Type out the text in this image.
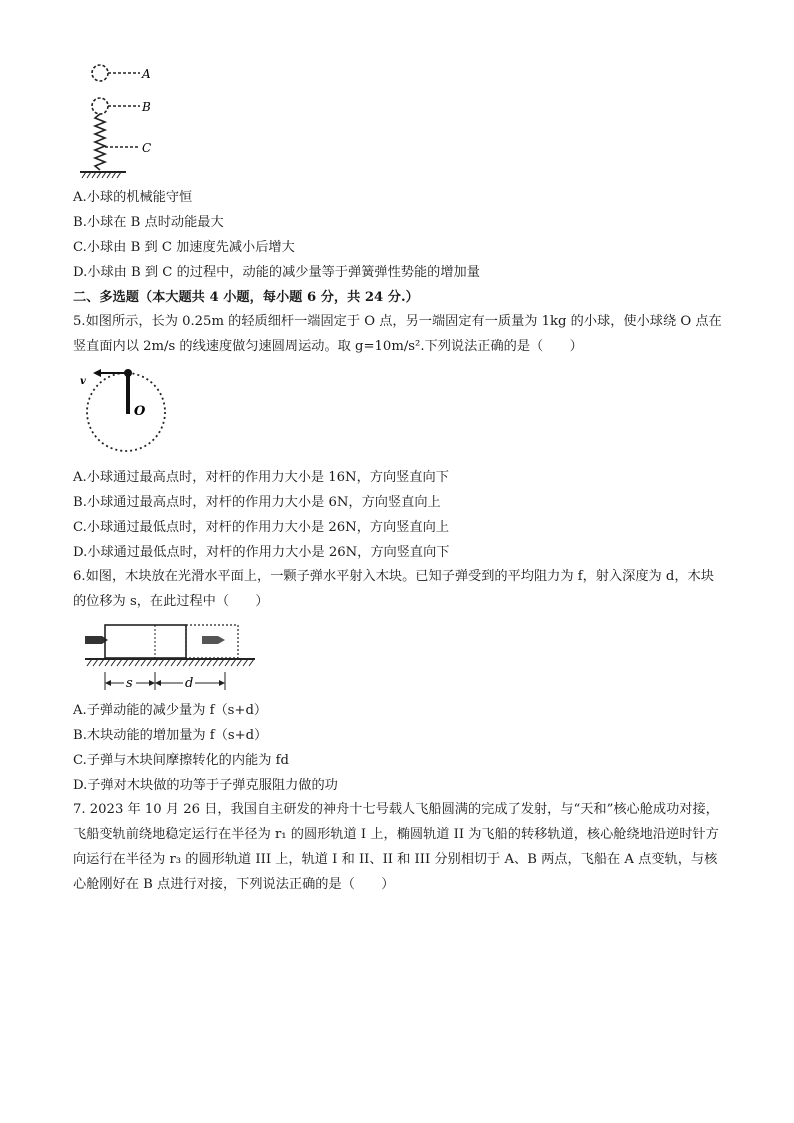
A
B
C
A.小球的机械能守恒
B.小球在 B 点时动能最大
C.小球由 B 到 C 加速度先减小后增大
D.小球由 B 到 C 的过程中，动能的减少量等于弹簧弹性势能的增加量
二、多选题（本大题共 4 小题，每小题 6 分，共 24 分.）
5.如图所示，长为 0.25m 的轻质细杆一端固定于 O 点，另一端固定有一质量为 1kg 的小球，使小球绕 O 点在竖直面内以 2m/s 的线速度做匀速圆周运动。取 g=10m/s².下列说法正确的是（　　）
v
O
A.小球通过最高点时，对杆的作用力大小是 16N，方向竖直向下
B.小球通过最高点时，对杆的作用力大小是 6N，方向竖直向上
C.小球通过最低点时，对杆的作用力大小是 26N，方向竖直向上
D.小球通过最低点时，对杆的作用力大小是 26N，方向竖直向下
6.如图，木块放在光滑水平面上，一颗子弹水平射入木块。已知子弹受到的平均阻力为 f，射入深度为 d，木块的位移为 s，在此过程中（　　）
s	d
A.子弹动能的减少量为 f（s+d）
B.木块动能的增加量为 f（s+d）
C.子弹与木块间摩擦转化的内能为 fd
D.子弹对木块做的功等于子弹克服阻力做的功
7. 2023 年 10 月 26 日，我国自主研发的神舟十七号载人飞船圆满的完成了发射，与“天和”核心舱成功对接，飞船变轨前绕地稳定运行在半径为 r₁ 的圆形轨道 I 上，椭圆轨道 II 为飞船的转移轨道，核心舱绕地沿逆时针方向运行在半径为 r₃ 的圆形轨道 III 上，轨道 I 和 II、II 和 III 分别相切于 A、B 两点，飞船在 A 点变轨，与核心舱刚好在 B 点进行对接，下列说法正确的是（　　）
